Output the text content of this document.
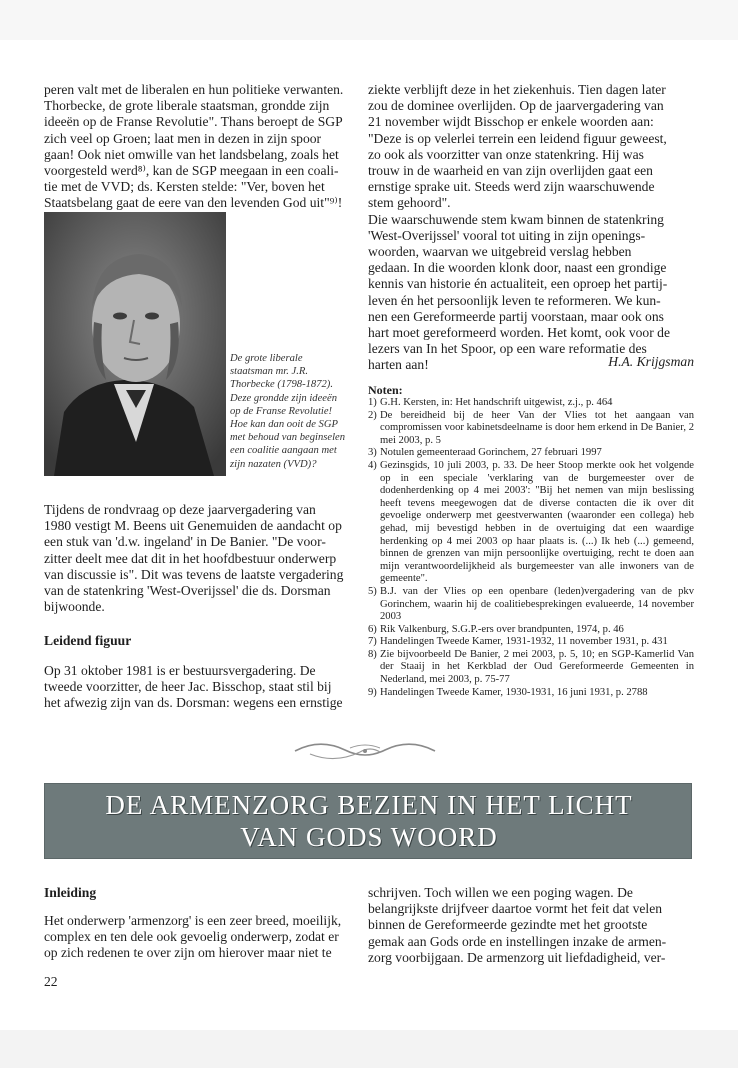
peren valt met de liberalen en hun politieke verwanten.

Thorbecke, de grote liberale staatsman, grondde zijn

ideeën op de Franse Revolutie". Thans beroept de SGP

zich veel op Groen; laat men in dezen in zijn spoor

gaan! Ook niet omwille van het landsbelang, zoals het

voorgesteld werd⁸⁾, kan de SGP meegaan in een coali-

tie met de VVD; ds. Kersten stelde: "Ver, boven het

Staatsbelang gaat de eere van den levenden God uit"⁹⁾!

De grote liberale staatsman mr. J.R. Thorbecke (1798-1872). Deze grondde zijn ideeën op de Franse Revolutie! Hoe kan dan ooit de SGP met behoud van beginselen een coalitie aangaan met zijn nazaten (VVD)?

Tijdens de rondvraag op deze jaarvergadering van

1980 vestigt M. Beens uit Genemuiden de aandacht op

een stuk van 'd.w. ingeland' in De Banier. "De voor-

zitter deelt mee dat dit in het hoofdbestuur onderwerp

van discussie is". Dit was tevens de laatste vergadering

van de statenkring 'West-Overijssel' die ds. Dorsman

bijwoonde.

Leidend figuur

Op 31 oktober 1981 is er bestuursvergadering. De

tweede voorzitter, de heer Jac. Bisschop, staat stil bij

het afwezig zijn van ds. Dorsman: wegens een ernstige

ziekte verblijft deze in het ziekenhuis. Tien dagen later

zou de dominee overlijden. Op de jaarvergadering van

21 november wijdt Bisschop er enkele woorden aan:

"Deze is op velerlei terrein een leidend figuur geweest,

zo ook als voorzitter van onze statenkring. Hij was

trouw in de waarheid en van zijn overlijden gaat een

ernstige sprake uit. Steeds werd zijn waarschuwende

stem gehoord".

Die waarschuwende stem kwam binnen de statenkring

'West-Overijssel' vooral tot uiting in zijn openings-

woorden, waarvan we uitgebreid verslag hebben

gedaan. In die woorden klonk door, naast een grondige

kennis van historie én actualiteit, een oproep het partij-

leven én het persoonlijk leven te reformeren. We kun-

nen een Gereformeerde partij voorstaan, maar ook ons

hart moet gereformeerd worden. Het komt, ook voor de

lezers van In het Spoor, op een ware reformatie des

harten aan!	H.A. Krijgsman
Noten:
1) G.H. Kersten, in: Het handschrift uitgewist, z.j., p. 464
2) De bereidheid bij de heer Van der Vlies tot het aangaan van compromissen voor kabinetsdeelname is door hem erkend in De Banier, 2 mei 2003, p. 5
3) Notulen gemeenteraad Gorinchem, 27 februari 1997
4) Gezinsgids, 10 juli 2003, p. 33. De heer Stoop merkte ook het volgende op in een speciale 'verklaring van de burgemeester over de dodenherdenking op 4 mei 2003': "Bij het nemen van mijn beslissing heeft tevens meegewogen dat de diverse contacten die ik over dit gevoelige onderwerp met geestverwanten (waaronder een collega) heb gehad, mij bevestigd hebben in de overtuiging dat een waardige herdenking op 4 mei 2003 op haar plaats is. (...) Ik heb (...) gemeend, binnen de grenzen van mijn persoonlijke overtuiging, recht te doen aan mijn verantwoordelijkheid als burgemeester van alle inwoners van de gemeente".
5) B.J. van der Vlies op een openbare (leden)vergadering van de pkv Gorinchem, waarin hij de coalitiebesprekingen evalueerde, 14 november 2003
6) Rik Valkenburg, S.G.P.-ers over brandpunten, 1974, p. 46
7) Handelingen Tweede Kamer, 1931-1932, 11 november 1931, p. 431
8) Zie bijvoorbeeld De Banier, 2 mei 2003, p. 5, 10; en SGP-Kamerlid Van der Staaij in het Kerkblad der Oud Gereformeerde Gemeenten in Nederland, mei 2003, p. 75-77
9) Handelingen Tweede Kamer, 1930-1931, 16 juni 1931, p. 2788
DE ARMENZORG BEZIEN IN HET LICHT
VAN GODS WOORD
Inleiding

Het onderwerp 'armenzorg' is een zeer breed, moeilijk,

complex en ten dele ook gevoelig onderwerp, zodat er

op zich redenen te over zijn om hierover maar niet te

schrijven. Toch willen we een poging wagen. De

belangrijkste drijfveer daartoe vormt het feit dat velen

binnen de Gereformeerde gezindte met het grootste

gemak aan Gods orde en instellingen inzake de armen-

zorg voorbijgaan. De armenzorg uit liefdadigheid, ver-

22
